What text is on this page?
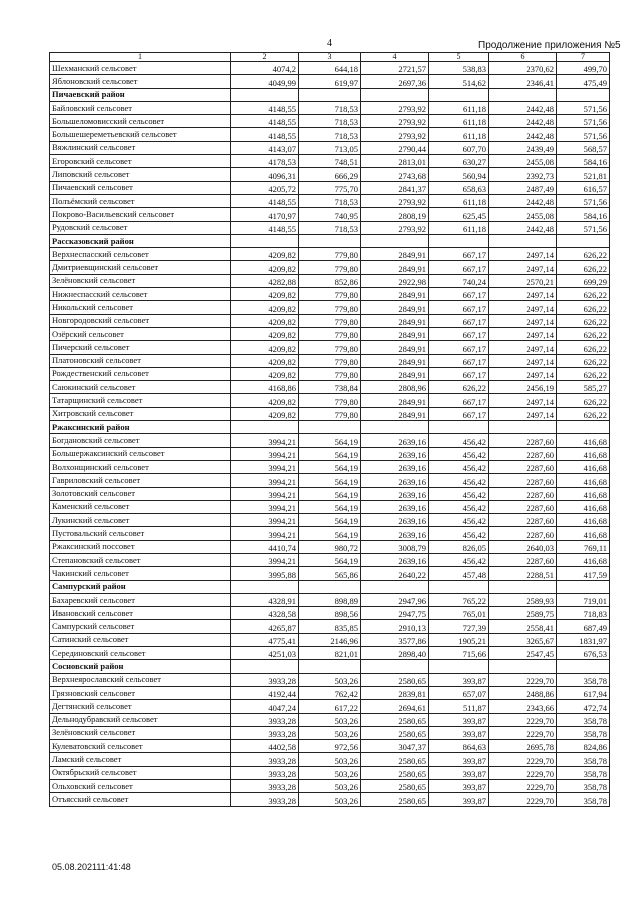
4	Продолжение приложения №5
1	2	3	4	5	6	7
Шехманский сельсовет	4074,2	644,18	2721,57	538,83	2370,62	499,70
Яблоновский сельсовет	4049,99	619,97	2697,36	514,62	2346,41	475,49
Пичаевский район						
Байловский сельсовет	4148,55	718,53	2793,92	611,18	2442,48	571,56
Большеломовисский сельсовет	4148,55	718,53	2793,92	611,18	2442,48	571,56
Большешереметьевский сельсовет	4148,55	718,53	2793,92	611,18	2442,48	571,56
Вяжлинский сельсовет	4143,07	713,05	2790,44	607,70	2439,49	568,57
Егоровский сельсовет	4178,53	748,51	2813,01	630,27	2455,08	584,16
Липовский сельсовет	4096,31	666,29	2743,68	560,94	2392,73	521,81
Пичаевский сельсовет	4205,72	775,70	2841,37	658,63	2487,49	616,57
Полъёмский сельсовет	4148,55	718,53	2793,92	611,18	2442,48	571,56
Покрово-Васильевский сельсовет	4170,97	740,95	2808,19	625,45	2455,08	584,16
Рудовский сельсовет	4148,55	718,53	2793,92	611,18	2442,48	571,56
Рассказовский район						
Верхнеспасский сельсовет	4209,82	779,80	2849,91	667,17	2497,14	626,22
Дмитриевщинский сельсовет	4209,82	779,80	2849,91	667,17	2497,14	626,22
Зелёновский сельсовет	4282,88	852,86	2922,98	740,24	2570,21	699,29
Нижнеспасский сельсовет	4209,82	779,80	2849,91	667,17	2497,14	626,22
Никольский сельсовет	4209,82	779,80	2849,91	667,17	2497,14	626,22
Новгородовский сельсовет	4209,82	779,80	2849,91	667,17	2497,14	626,22
Озёрский сельсовет	4209,82	779,80	2849,91	667,17	2497,14	626,22
Пичерский сельсовет	4209,82	779,80	2849,91	667,17	2497,14	626,22
Платоновский сельсовет	4209,82	779,80	2849,91	667,17	2497,14	626,22
Рождественский сельсовет	4209,82	779,80	2849,91	667,17	2497,14	626,22
Саюкинский сельсовет	4168,86	738,84	2808,96	626,22	2456,19	585,27
Татарщинский сельсовет	4209,82	779,80	2849,91	667,17	2497,14	626,22
Хитровский сельсовет	4209,82	779,80	2849,91	667,17	2497,14	626,22
Ржаксинский район						
Богдановский сельсовет	3994,21	564,19	2639,16	456,42	2287,60	416,68
Большержаксинский сельсовет	3994,21	564,19	2639,16	456,42	2287,60	416,68
Волхонщинский сельсовет	3994,21	564,19	2639,16	456,42	2287,60	416,68
Гавриловский сельсовет	3994,21	564,19	2639,16	456,42	2287,60	416,68
Золотовский сельсовет	3994,21	564,19	2639,16	456,42	2287,60	416,68
Каменский сельсовет	3994,21	564,19	2639,16	456,42	2287,60	416,68
Лукинский сельсовет	3994,21	564,19	2639,16	456,42	2287,60	416,68
Пустовальский сельсовет	3994,21	564,19	2639,16	456,42	2287,60	416,68
Ржаксинский поссовет	4410,74	980,72	3008,79	826,05	2640,03	769,11
Степановский сельсовет	3994,21	564,19	2639,16	456,42	2287,60	416,68
Чакинский сельсовет	3995,88	565,86	2640,22	457,48	2288,51	417,59
Сампурский район						
Бахаревский сельсовет	4328,91	898,89	2947,96	765,22	2589,93	719,01
Ивановский сельсовет	4328,58	898,56	2947,75	765,01	2589,75	718,83
Сампурский сельсовет	4265,87	835,85	2910,13	727,39	2558,41	687,49
Сатинский сельсовет	4775,41	2146,96	3577,86	1905,21	3265,67	1831,97
Серединовский сельсовет	4251,03	821,01	2898,40	715,66	2547,45	676,53
Сосновский район						
Верхнеярославский сельсовет	3933,28	503,26	2580,65	393,87	2229,70	358,78
Грязновский сельсовет	4192,44	762,42	2839,81	657,07	2488,86	617,94
Дегтянский сельсовет	4047,24	617,22	2694,61	511,87	2343,66	472,74
Дельнодубравский сельсовет	3933,28	503,26	2580,65	393,87	2229,70	358,78
Зелёновский сельсовет	3933,28	503,26	2580,65	393,87	2229,70	358,78
Кулеватовский сельсовет	4402,58	972,56	3047,37	864,63	2695,78	824,86
Ламский сельсовет	3933,28	503,26	2580,65	393,87	2229,70	358,78
Октябрьский сельсовет	3933,28	503,26	2580,65	393,87	2229,70	358,78
Ольховский сельсовет	3933,28	503,26	2580,65	393,87	2229,70	358,78
Отъясский сельсовет	3933,28	503,26	2580,65	393,87	2229,70	358,78
05.08.202111:41:48
